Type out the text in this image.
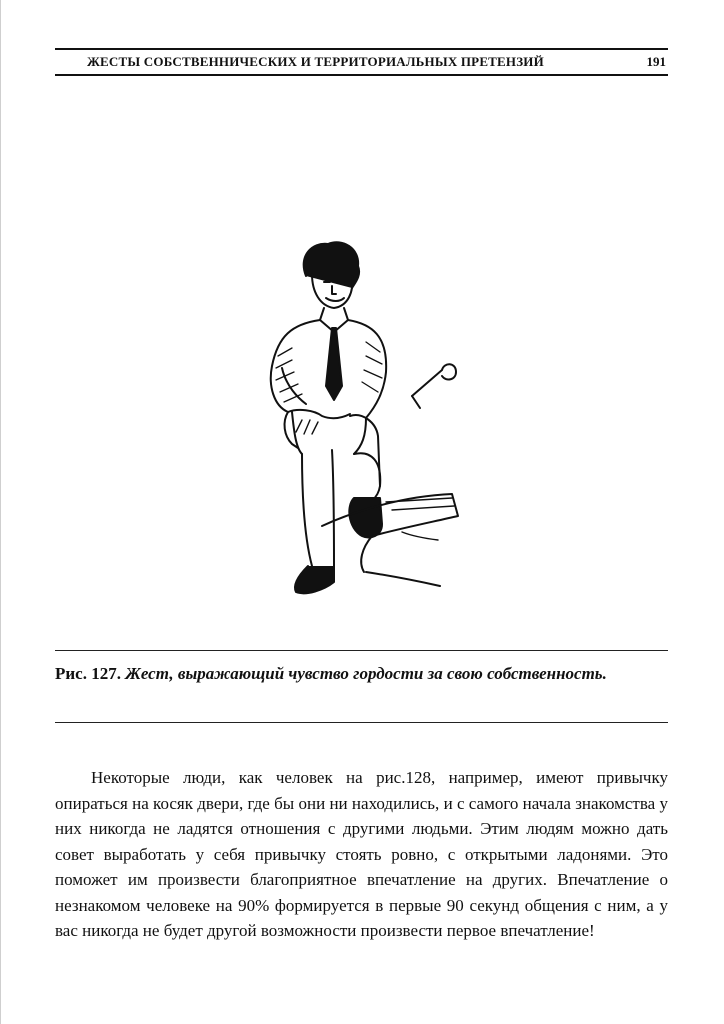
ЖЕСТЫ СОБСТВЕННИЧЕСКИХ И ТЕРРИТОРИАЛЬНЫХ ПРЕТЕНЗИЙ	191
Рис. 127. Жест, выражающий чувство гордости за свою собственность.

Некоторые люди, как человек на рис.128, например, имеют привычку опираться на косяк двери, где бы они ни находились, и с самого начала знакомства у них никогда не ладятся отношения с другими людьми. Этим людям можно дать совет выработать у себя привычку стоять ровно, с открытыми ладонями. Это поможет им произвести благоприятное впечатление на других. Впечатление о незнакомом человеке на 90% формируется в первые 90 секунд общения с ним, а у вас никогда не будет другой возможности произвести первое впечатление!
